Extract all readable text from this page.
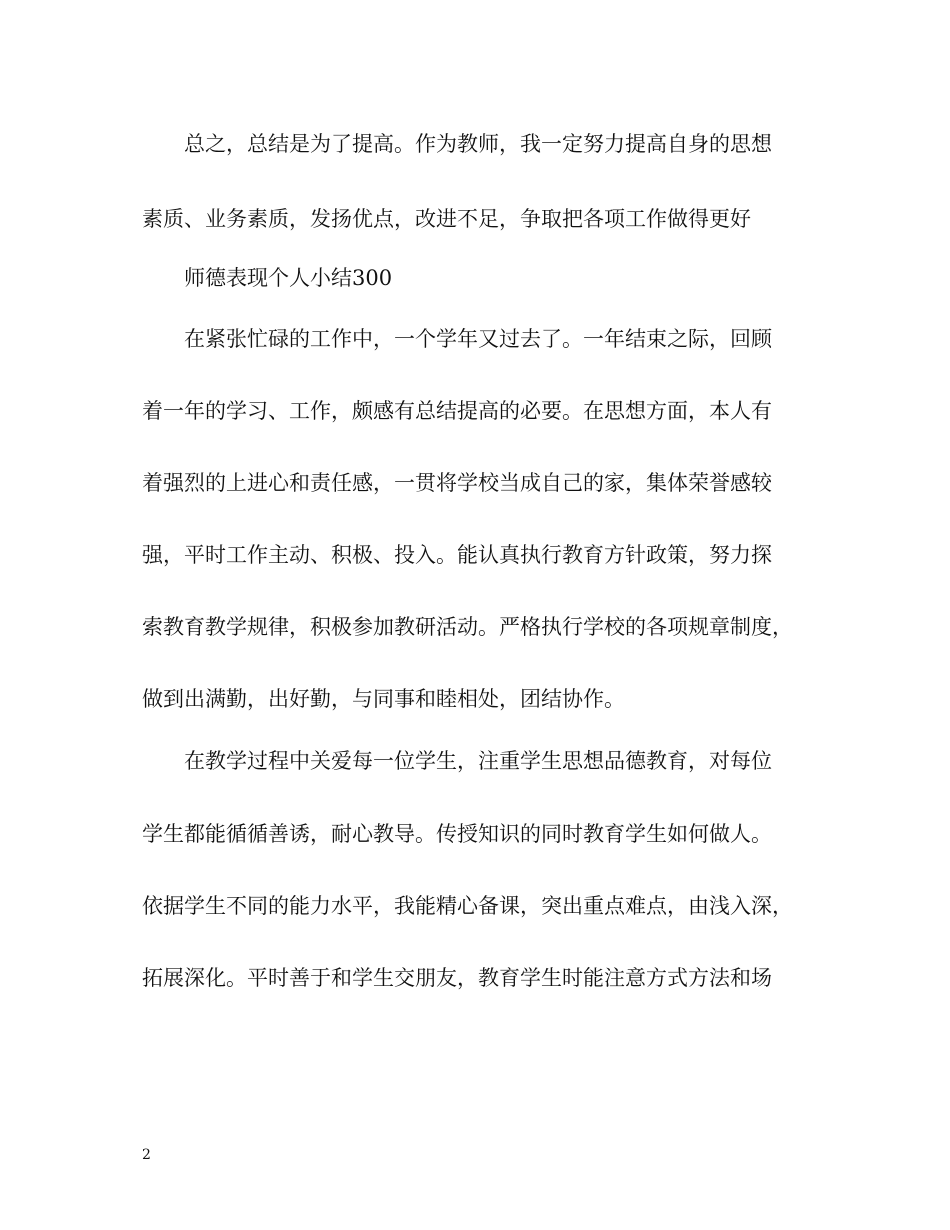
总之，总结是为了提高。作为教师，我一定努力提高自身的思想
素质、业务素质，发扬优点，改进不足，争取把各项工作做得更好
师德表现个人小结300
在紧张忙碌的工作中，一个学年又过去了。一年结束之际，回顾
着一年的学习、工作，颇感有总结提高的必要。在思想方面，本人有
着强烈的上进心和责任感，一贯将学校当成自己的家，集体荣誉感较
强，平时工作主动、积极、投入。能认真执行教育方针政策，努力探
索教育教学规律，积极参加教研活动。严格执行学校的各项规章制度，
做到出满勤，出好勤，与同事和睦相处，团结协作。
在教学过程中关爱每一位学生，注重学生思想品德教育，对每位
学生都能循循善诱，耐心教导。传授知识的同时教育学生如何做人。
依据学生不同的能力水平，我能精心备课，突出重点难点，由浅入深，
拓展深化。平时善于和学生交朋友，教育学生时能注意方式方法和场
2
